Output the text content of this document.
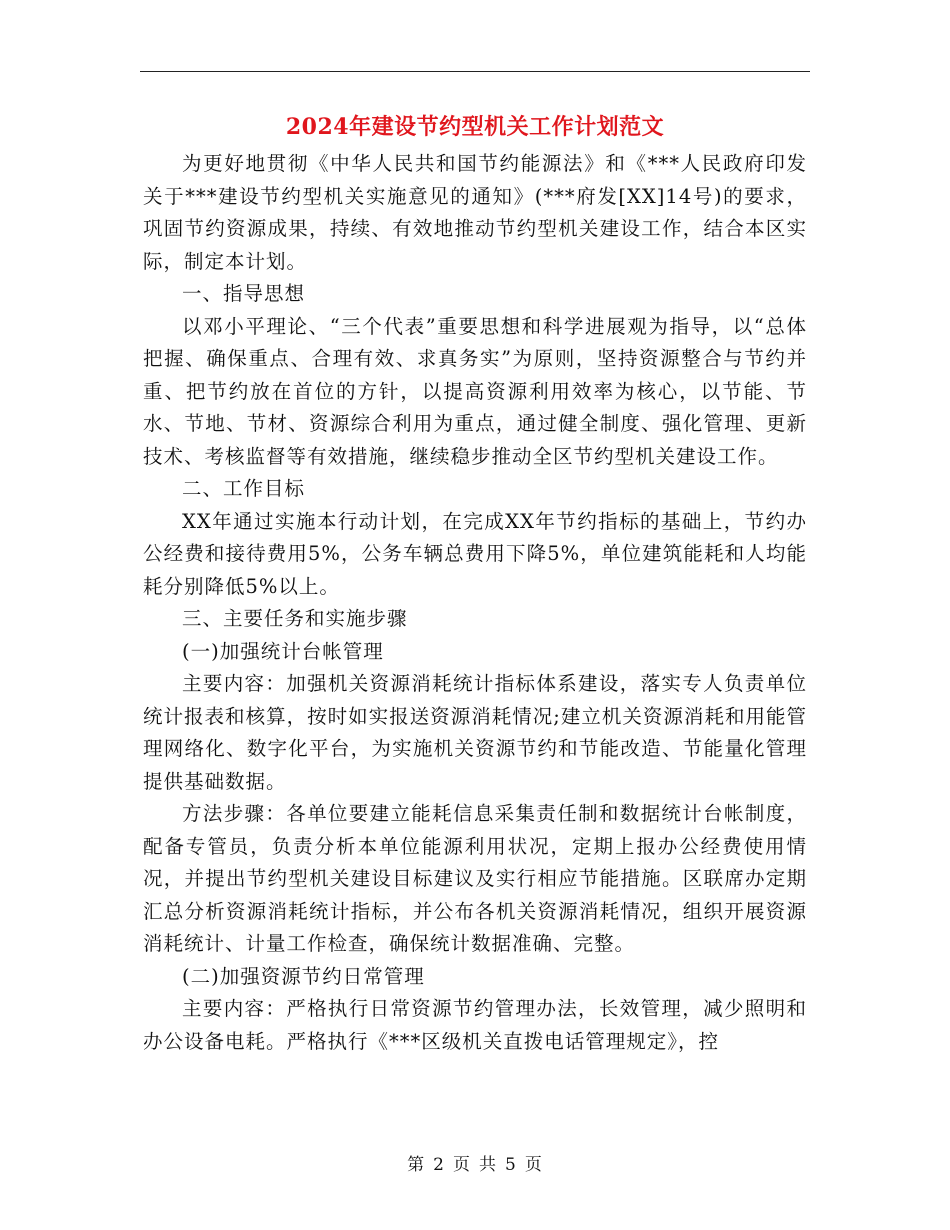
2024年建设节约型机关工作计划范文

为更好地贯彻《中华人民共和国节约能源法》和《***人民政府印发关于***建设节约型机关实施意见的通知》(***府发[XX]14号)的要求，巩固节约资源成果，持续、有效地推动节约型机关建设工作，结合本区实际，制定本计划。

一、指导思想

以邓小平理论、“三个代表”重要思想和科学进展观为指导，以“总体把握、确保重点、合理有效、求真务实”为原则，坚持资源整合与节约并重、把节约放在首位的方针，以提高资源利用效率为核心，以节能、节水、节地、节材、资源综合利用为重点，通过健全制度、强化管理、更新技术、考核监督等有效措施，继续稳步推动全区节约型机关建设工作。

二、工作目标

XX年通过实施本行动计划，在完成XX年节约指标的基础上，节约办公经费和接待费用5%，公务车辆总费用下降5%，单位建筑能耗和人均能耗分别降低5%以上。

三、主要任务和实施步骤

(一)加强统计台帐管理

主要内容：加强机关资源消耗统计指标体系建设，落实专人负责单位统计报表和核算，按时如实报送资源消耗情况;建立机关资源消耗和用能管理网络化、数字化平台，为实施机关资源节约和节能改造、节能量化管理提供基础数据。

方法步骤：各单位要建立能耗信息采集责任制和数据统计台帐制度，配备专管员，负责分析本单位能源利用状况，定期上报办公经费使用情况，并提出节约型机关建设目标建议及实行相应节能措施。区联席办定期汇总分析资源消耗统计指标，并公布各机关资源消耗情况，组织开展资源消耗统计、计量工作检查，确保统计数据准确、完整。

(二)加强资源节约日常管理

主要内容：严格执行日常资源节约管理办法，长效管理，减少照明和办公设备电耗。严格执行《***区级机关直拨电话管理规定》，控

第 2 页 共 5 页
